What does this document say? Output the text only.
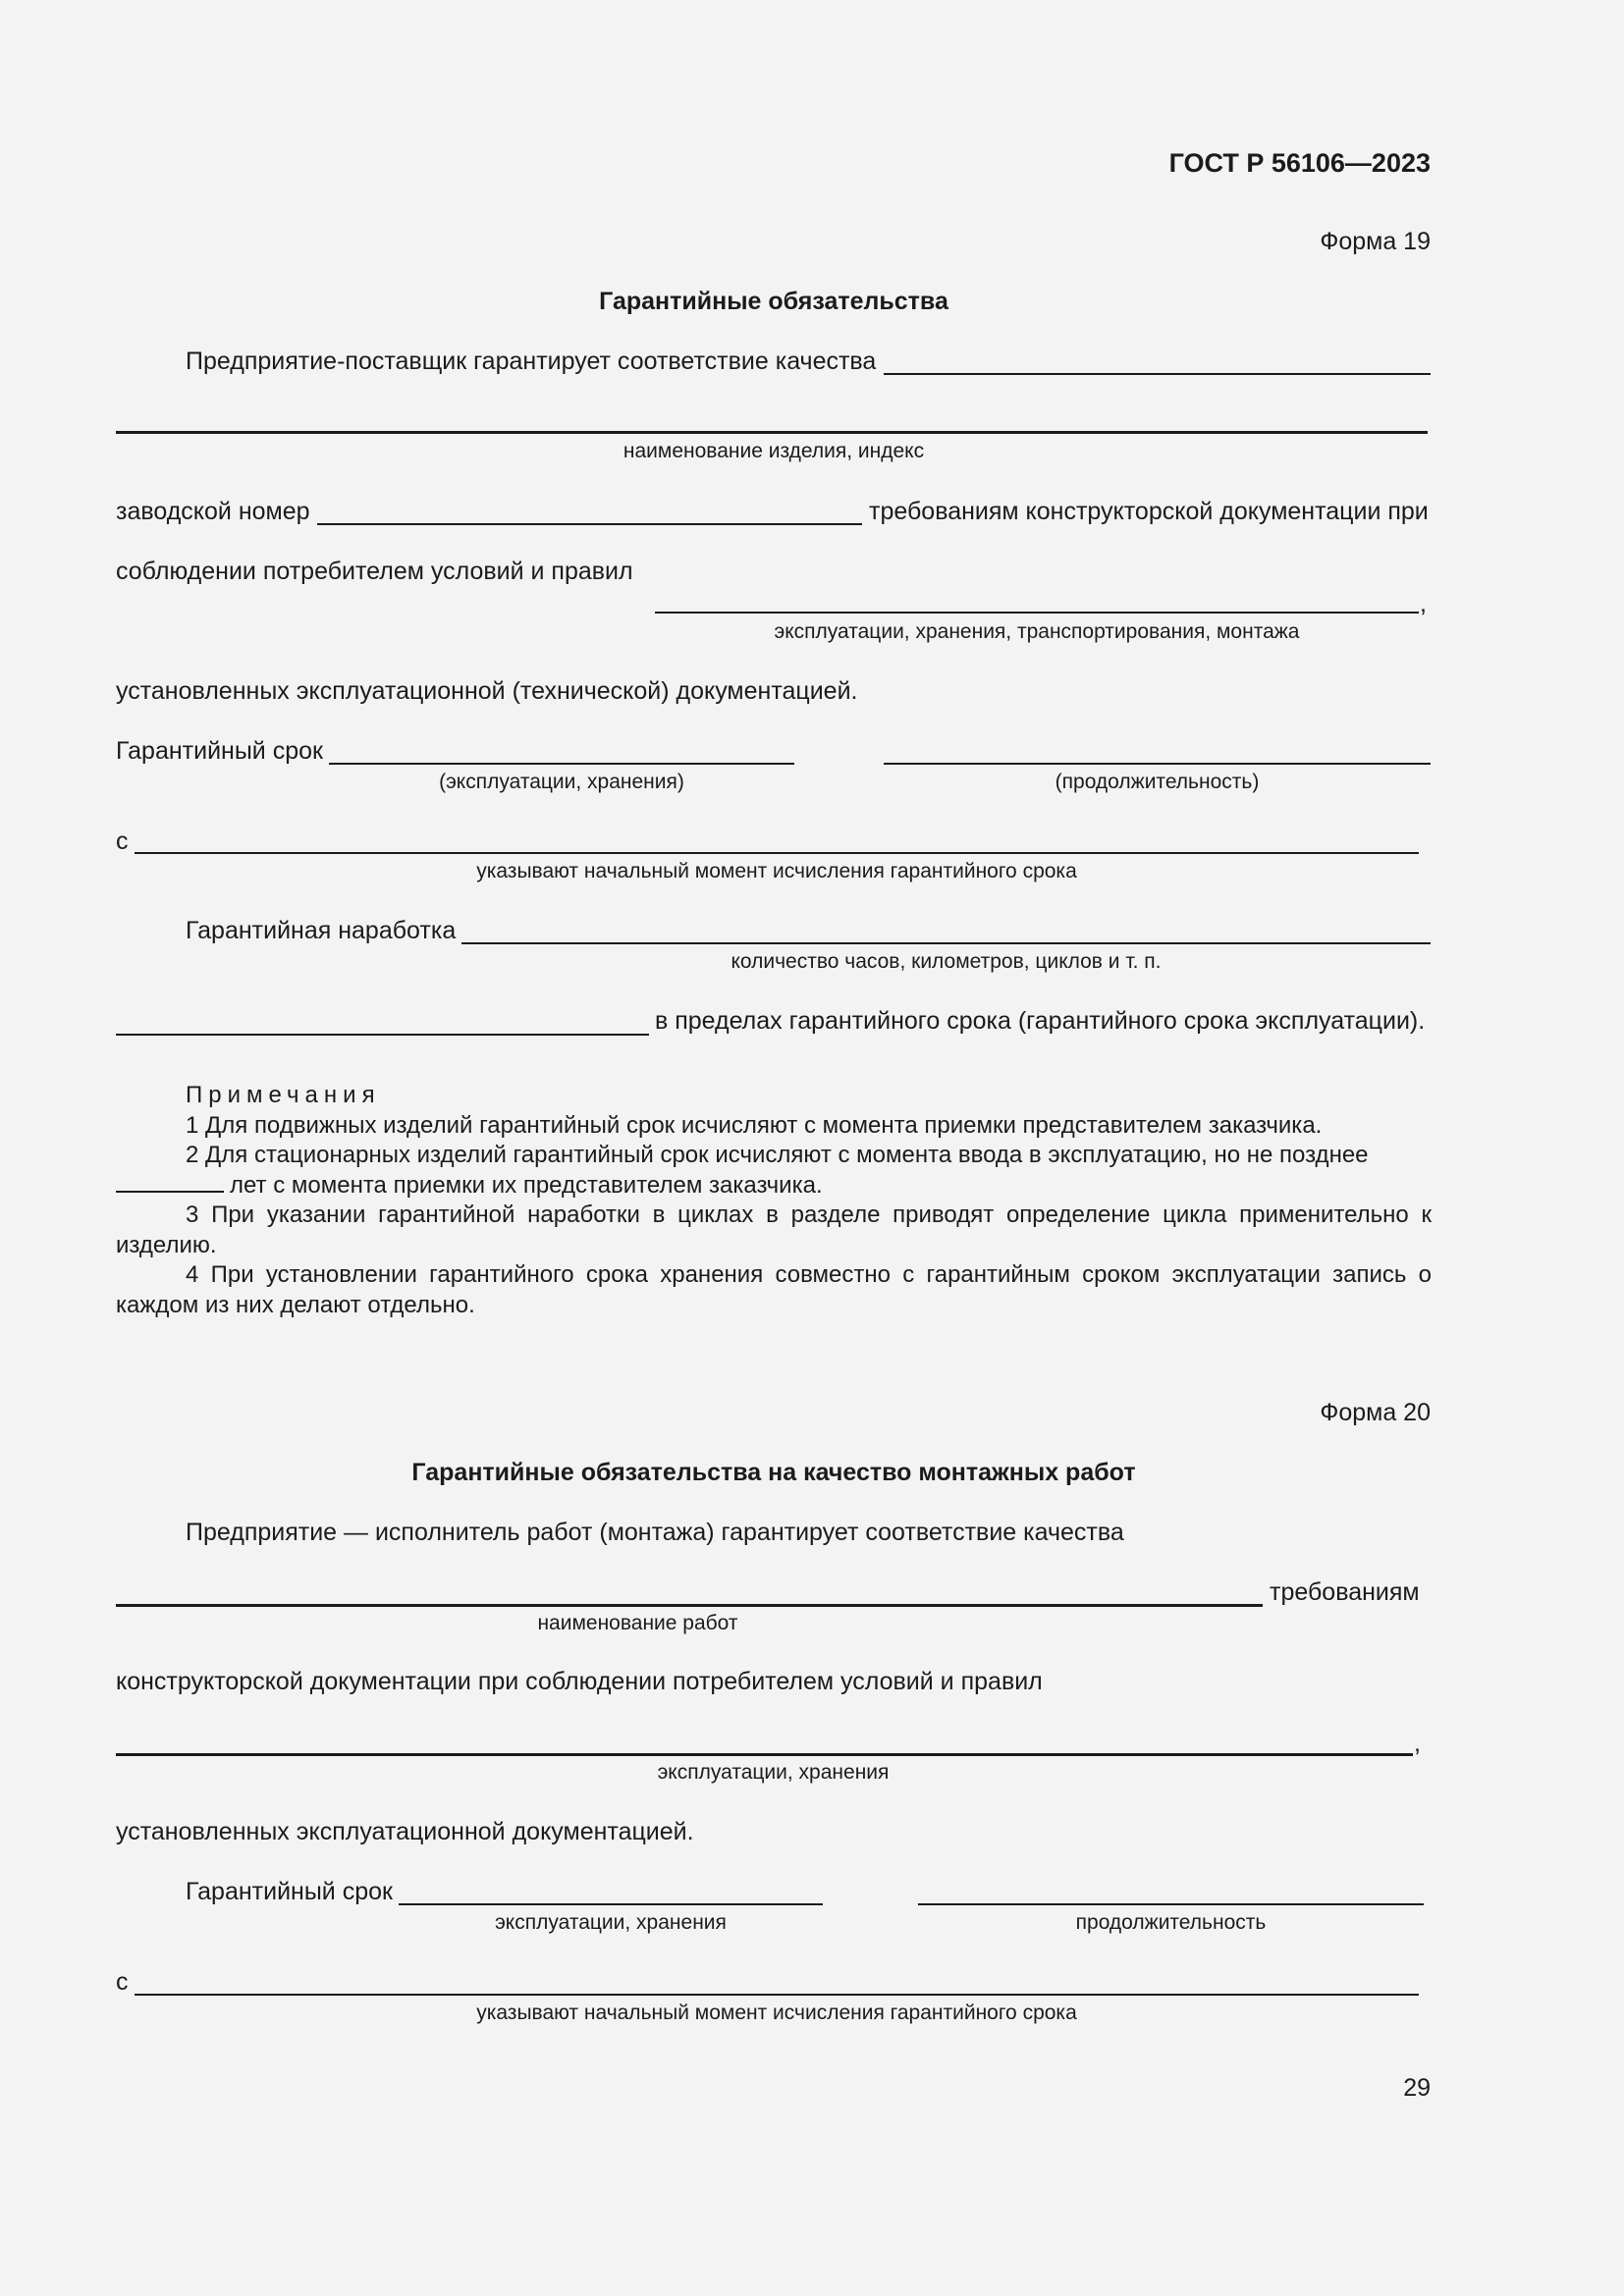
ГОСТ Р 56106—2023
Форма 19
Гарантийные обязательства
Предприятие-поставщик гарантирует соответствие качества
наименование изделия, индекс
заводской номер	требованиям конструкторской документации при
соблюдении потребителем условий и правил
,
эксплуатации, хранения, транспортирования, монтажа
установленных эксплуатационной (технической) документацией.
Гарантийный срок
(эксплуатации, хранения)	(продолжительность)
с
указывают начальный момент исчисления гарантийного срока
Гарантийная наработка
количество часов, километров, циклов и т. п.
в пределах гарантийного срока (гарантийного срока эксплуатации).
Примечания
1 Для подвижных изделий гарантийный срок исчисляют с момента приемки представителем заказчика.
2 Для стационарных изделий гарантийный срок исчисляют с момента ввода в эксплуатацию, но не позднее
лет с момента приемки их представителем заказчика.
3 При указании гарантийной наработки в циклах в разделе приводят определение цикла применительно к изделию.
4 При установлении гарантийного срока хранения совместно с гарантийным сроком эксплуатации запись о каждом из них делают отдельно.
Форма 20
Гарантийные обязательства на качество монтажных работ
Предприятие — исполнитель работ (монтажа) гарантирует соответствие качества
требованиям
наименование работ
конструкторской документации при соблюдении потребителем условий и правил
,
эксплуатации, хранения
установленных эксплуатационной документацией.
Гарантийный срок
эксплуатации, хранения	продолжительность
с
указывают начальный момент исчисления гарантийного срока
29
